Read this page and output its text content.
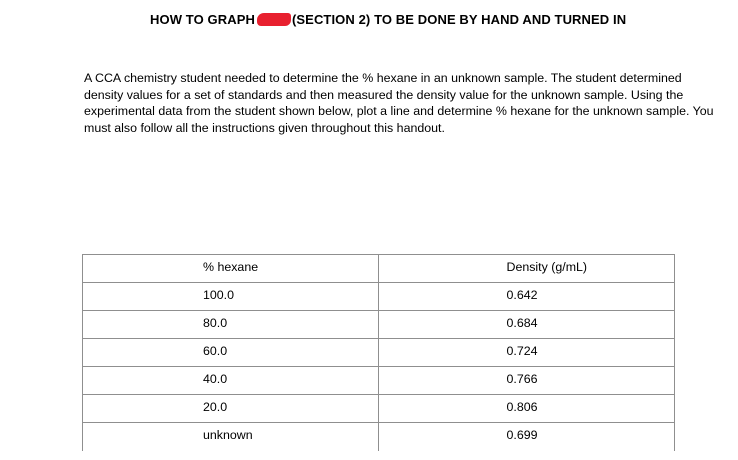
HOW TO GRAPH	(SECTION 2) TO BE DONE BY HAND AND TURNED IN
A CCA chemistry student needed to determine the % hexane in an unknown sample. The student determined density values for a set of standards and then measured the density value for the unknown sample. Using the experimental data from the student shown below, plot a line and determine % hexane for the unknown sample. You must also follow all the instructions given throughout this handout.
% hexane	Density (g/mL)
100.0	0.642
80.0	0.684
60.0	0.724
40.0	0.766
20.0	0.806
unknown	0.699
